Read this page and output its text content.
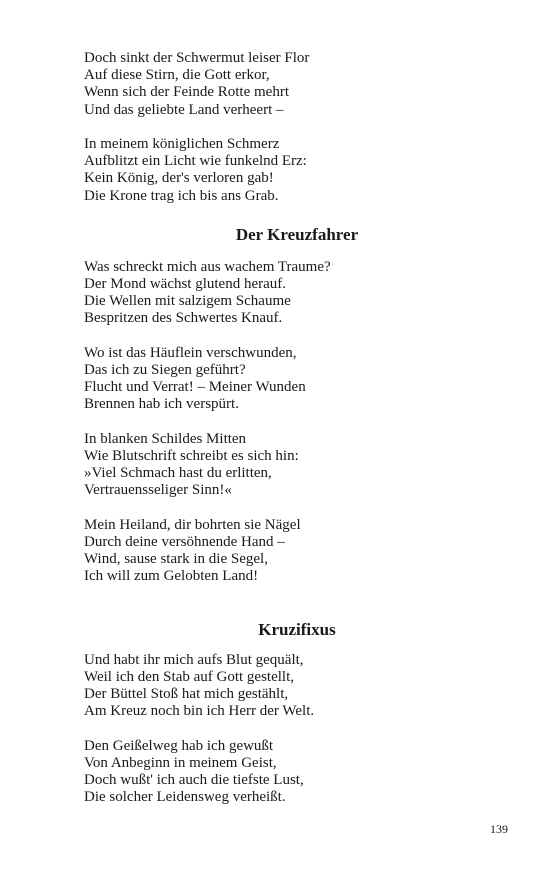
Doch sinkt der Schwermut leiser Flor
Auf diese Stirn, die Gott erkor,
Wenn sich der Feinde Rotte mehrt
Und das geliebte Land verheert –
In meinem königlichen Schmerz
Aufblitzt ein Licht wie funkelnd Erz:
Kein König, der's verloren gab!
Die Krone trag ich bis ans Grab.
Der Kreuzfahrer
Was schreckt mich aus wachem Traume?
Der Mond wächst glutend herauf.
Die Wellen mit salzigem Schaume
Bespritzen des Schwertes Knauf.
Wo ist das Häuflein verschwunden,
Das ich zu Siegen geführt?
Flucht und Verrat! – Meiner Wunden
Brennen hab ich verspürt.
In blanken Schildes Mitten
Wie Blutschrift schreibt es sich hin:
»Viel Schmach hast du erlitten,
Vertrauensseliger Sinn!«
Mein Heiland, dir bohrten sie Nägel
Durch deine versöhnende Hand –
Wind, sause stark in die Segel,
Ich will zum Gelobten Land!
Kruzifixus
Und habt ihr mich aufs Blut gequält,
Weil ich den Stab auf Gott gestellt,
Der Büttel Stoß hat mich gestählt,
Am Kreuz noch bin ich Herr der Welt.
Den Geißelweg hab ich gewußt
Von Anbeginn in meinem Geist,
Doch wußt' ich auch die tiefste Lust,
Die solcher Leidensweg verheißt.
139
